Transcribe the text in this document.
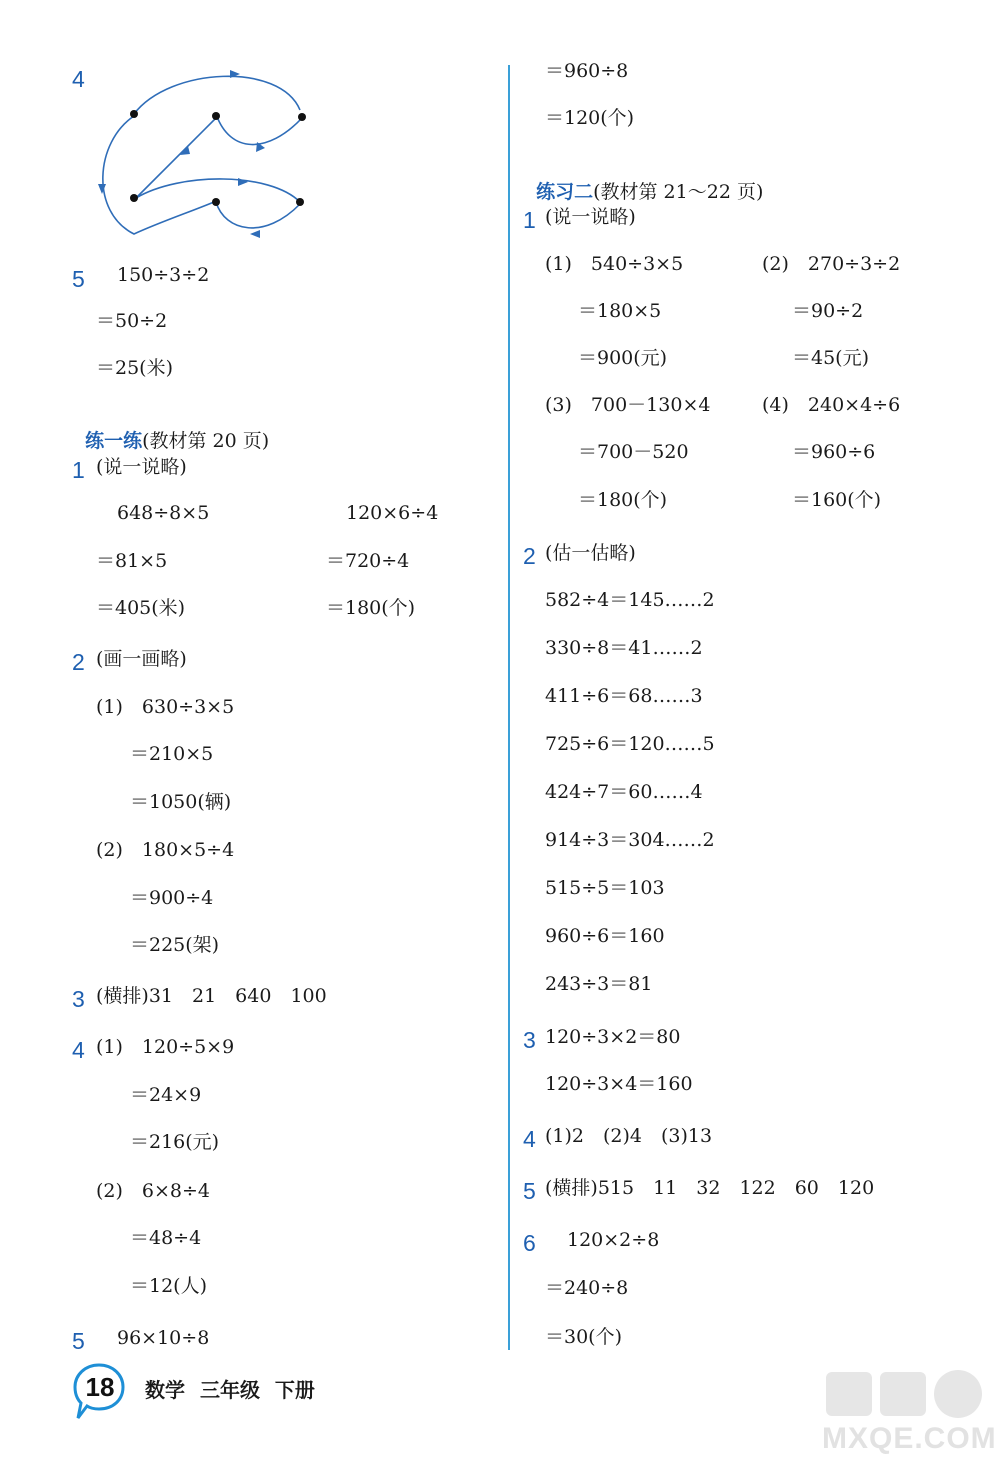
4
5 150÷3÷2
＝50÷2
＝25(米)

练一练(教材第 20 页)

1 (说一说略)
648÷8×5
＝81×5
＝405(米)
120×6÷4
＝720÷4
＝180(个)
2 (画一画略)
(1)　630÷3×5
＝210×5
＝1050(辆)
(2)　180×5÷4
＝900÷4
＝225(架)
3 (横排)31　21　640　100
4 (1)　120÷5×9
＝24×9
＝216(元)
(2)　6×8÷4
＝48÷4
＝12(人)
5 96×10÷8
＝960÷8
＝120(个)

练习二(教材第 21～22 页)

1 (说一说略)
(1)　540÷3×5
＝180×5
＝900(元)
(2)　270÷3÷2
＝90÷2
＝45(元)
(3)　700－130×4
＝700－520
＝180(个)
(4)　240×4÷6
＝960÷6
＝160(个)
2 (估一估略)
582÷4＝145……2
330÷8＝41……2
411÷6＝68……3
725÷6＝120……5
424÷7＝60……4
914÷3＝304……2
515÷5＝103
960÷6＝160
243÷3＝81
3 120÷3×2＝80
120÷3×4＝160
4 (1)2　(2)4　(3)13
5 (横排)515　11　32　122　60　120
6 120×2÷8
＝240÷8
＝30(个)
18 数学 三年级 下册
MXQE.COM
